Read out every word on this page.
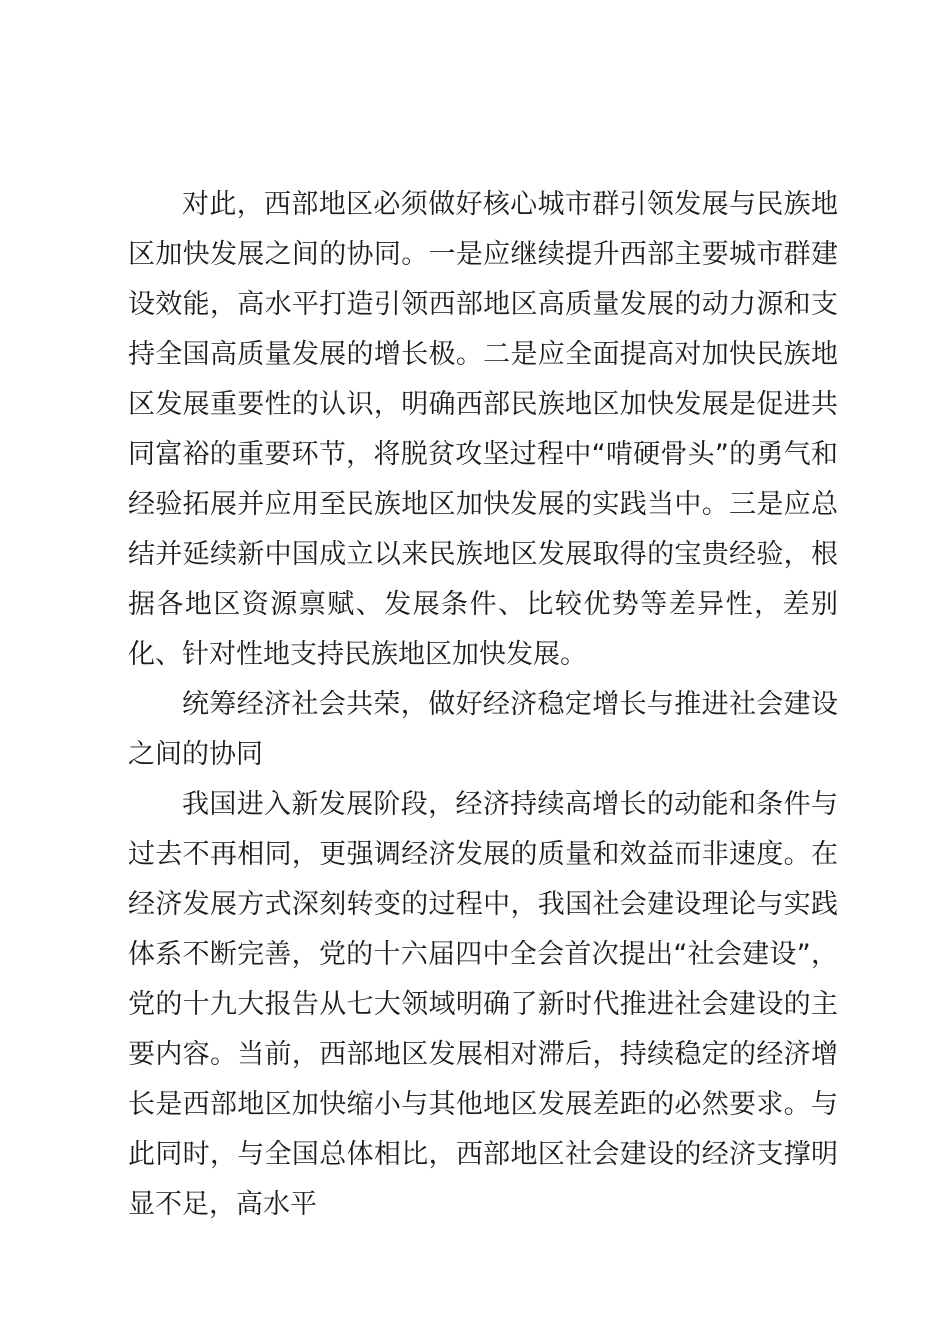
对此，西部地区必须做好核心城市群引领发展与民族地区加快发展之间的协同。一是应继续提升西部主要城市群建设效能，高水平打造引领西部地区高质量发展的动力源和支持全国高质量发展的增长极。二是应全面提高对加快民族地区发展重要性的认识，明确西部民族地区加快发展是促进共同富裕的重要环节，将脱贫攻坚过程中“啃硬骨头”的勇气和经验拓展并应用至民族地区加快发展的实践当中。三是应总结并延续新中国成立以来民族地区发展取得的宝贵经验，根据各地区资源禀赋、发展条件、比较优势等差异性，差别化、针对性地支持民族地区加快发展。

统筹经济社会共荣，做好经济稳定增长与推进社会建设之间的协同

我国进入新发展阶段，经济持续高增长的动能和条件与过去不再相同，更强调经济发展的质量和效益而非速度。在经济发展方式深刻转变的过程中，我国社会建设理论与实践体系不断完善，党的十六届四中全会首次提出“社会建设”，党的十九大报告从七大领域明确了新时代推进社会建设的主要内容。当前，西部地区发展相对滞后，持续稳定的经济增长是西部地区加快缩小与其他地区发展差距的必然要求。与此同时，与全国总体相比，西部地区社会建设的经济支撑明显不足，高水平
